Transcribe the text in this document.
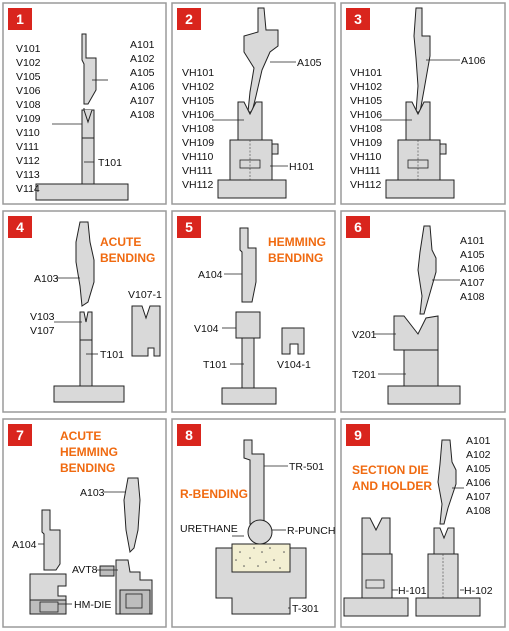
1
V101
V102
V105
V106
V108
V109
V110
V111
V112
V113
V114
A101
A102
A105
A106
A107
A108
T101
2
A105
VH101
VH102
VH105
VH106
VH108
VH109
VH110
VH111
VH112
H101
3
A106
VH101
VH102
VH105
VH106
VH108
VH109
VH110
VH111
VH112
4
ACUTE
BENDING
A103
V107-1
V103
V107
T101
5
HEMMING
BENDING
A104
V104
T101	V104-1
6
A101
A105
A106
A107
A108
V201
T201
7	ACUTE
HEMMING
BENDING
A103
A104
AVT8
HM-DIE
8
R-BENDING
TR-501
URETHANE	R-PUNCH
T-301
9
SECTION DIE
AND HOLDER
A101
A102
A105
A106
A107
A108
H-101	H-102
